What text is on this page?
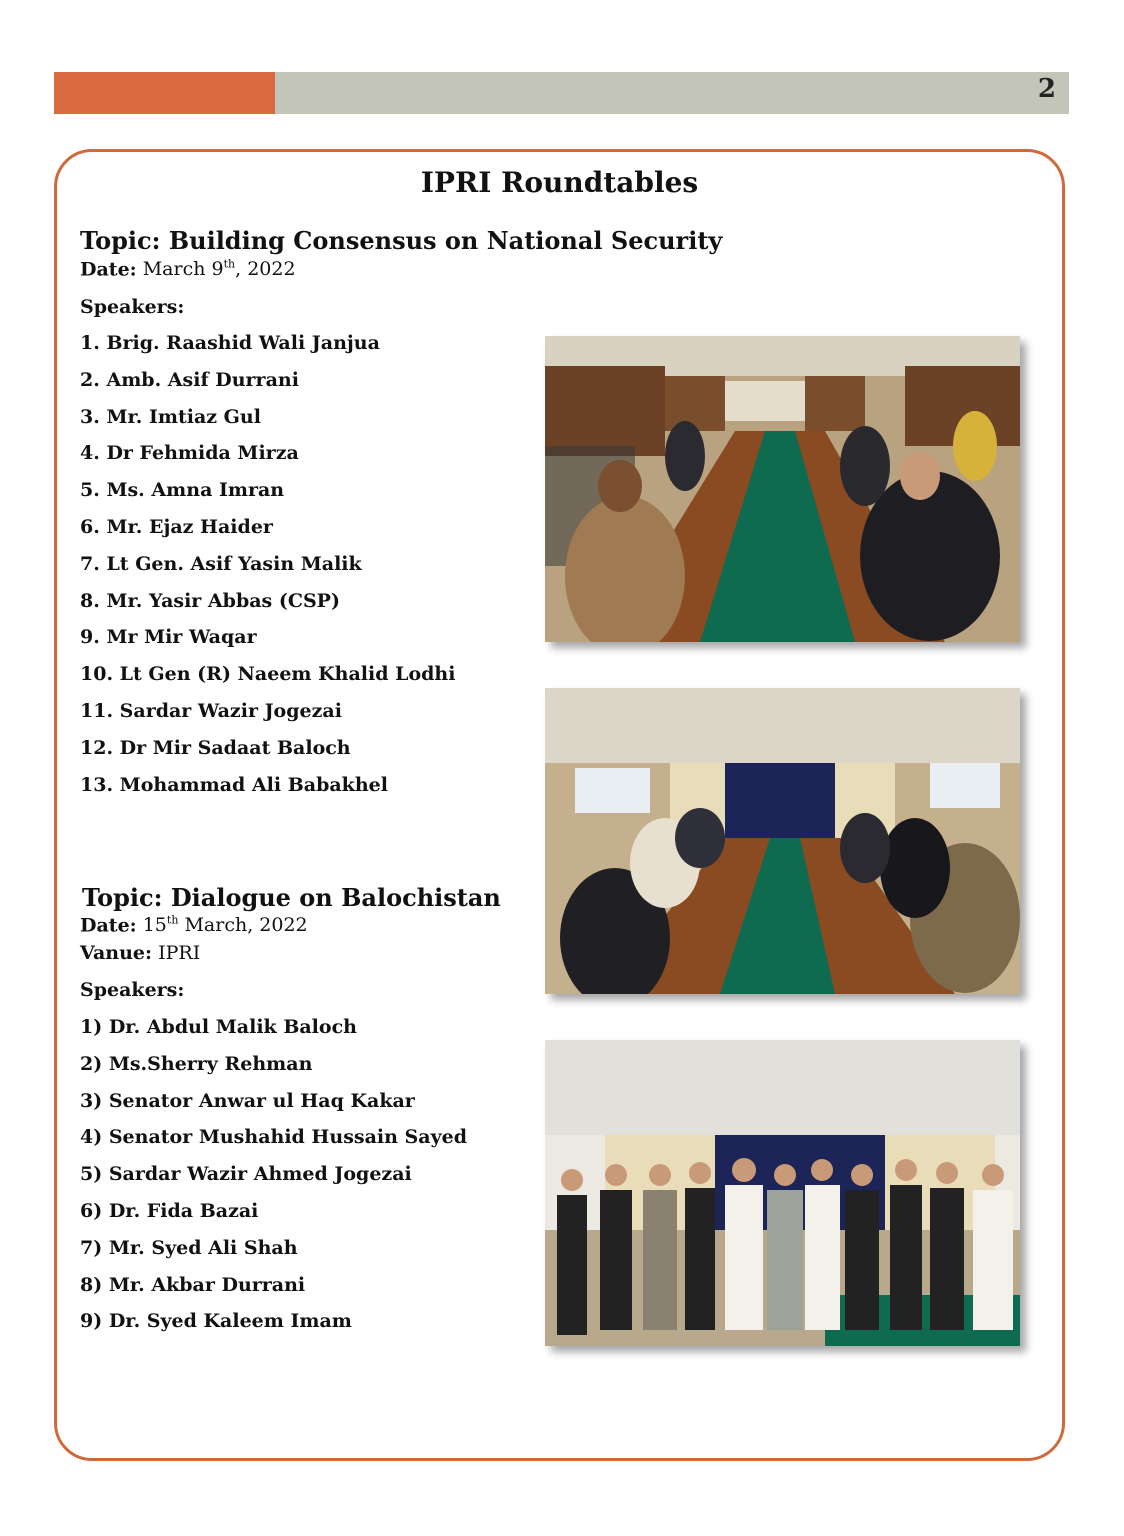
2
IPRI Roundtables
Topic: Building Consensus on National Security
Date: March 9th, 2022
Speakers:
1. Brig. Raashid Wali Janjua
2. Amb. Asif Durrani
3. Mr. Imtiaz Gul
4. Dr Fehmida Mirza
5. Ms. Amna Imran
6. Mr. Ejaz Haider
7. Lt Gen. Asif Yasin Malik
8. Mr. Yasir Abbas (CSP)
9. Mr Mir Waqar
10. Lt Gen (R) Naeem Khalid Lodhi
11. Sardar Wazir Jogezai
12. Dr Mir Sadaat Baloch
13. Mohammad Ali Babakhel
Topic: Dialogue on Balochistan
Date: 15th March, 2022
Vanue: IPRI
Speakers:
1) Dr. Abdul Malik Baloch
2) Ms.Sherry Rehman
3) Senator Anwar ul Haq Kakar
4) Senator Mushahid Hussain Sayed
5) Sardar Wazir Ahmed Jogezai
6) Dr. Fida Bazai
7) Mr. Syed Ali Shah
8) Mr. Akbar Durrani
9) Dr. Syed Kaleem Imam
